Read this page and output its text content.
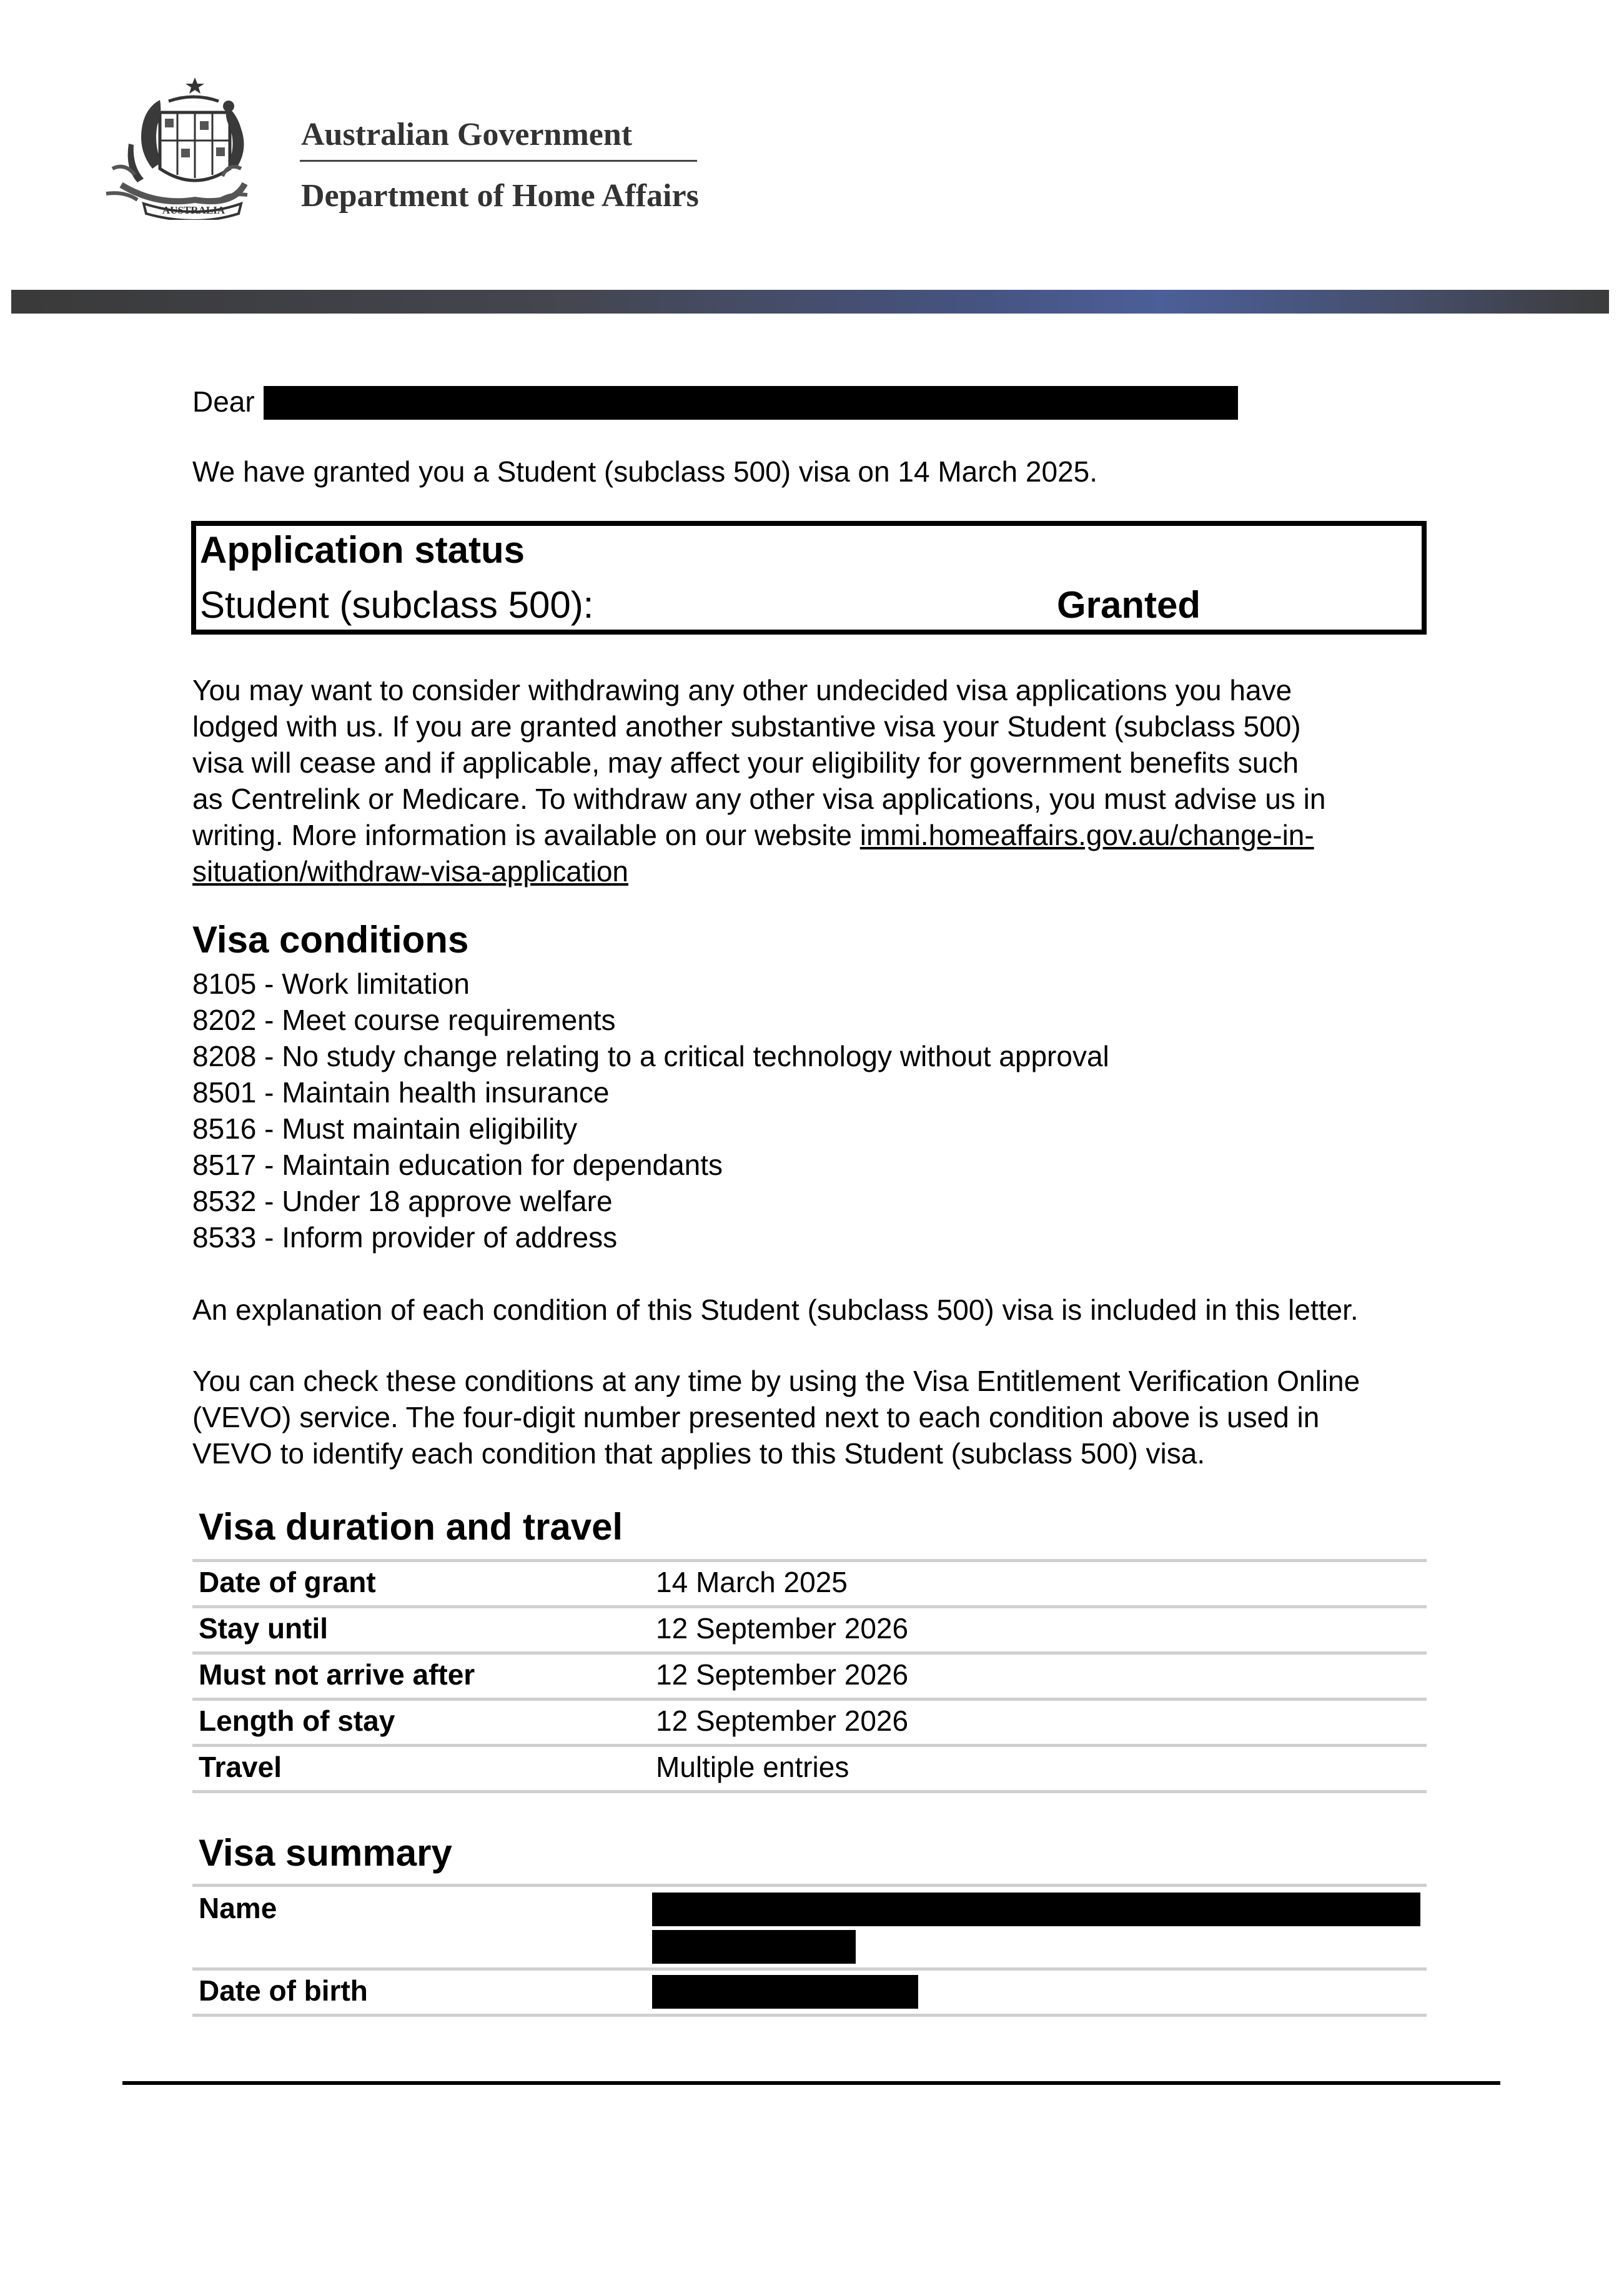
AUSTRALIA
Australian Government
Department of Home Affairs
Dear
We have granted you a Student (subclass 500) visa on 14 March 2025.
Application status
Student (subclass 500):	Granted
You may want to consider withdrawing any other undecided visa applications you have
lodged with us. If you are granted another substantive visa your Student (subclass 500)
visa will cease and if applicable, may affect your eligibility for government benefits such
as Centrelink or Medicare. To withdraw any other visa applications, you must advise us in
writing. More information is available on our website immi.homeaffairs.gov.au/change-in-
situation/withdraw-visa-application
Visa conditions
8105 - Work limitation
8202 - Meet course requirements
8208 - No study change relating to a critical technology without approval
8501 - Maintain health insurance
8516 - Must maintain eligibility
8517 - Maintain education for dependants
8532 - Under 18 approve welfare
8533 - Inform provider of address
An explanation of each condition of this Student (subclass 500) visa is included in this letter.
You can check these conditions at any time by using the Visa Entitlement Verification Online
(VEVO) service. The four-digit number presented next to each condition above is used in
VEVO to identify each condition that applies to this Student (subclass 500) visa.
Visa duration and travel
Date of grant	14 March 2025
Stay until	12 September 2026
Must not arrive after	12 September 2026
Length of stay	12 September 2026
Travel	Multiple entries
Visa summary
Name
Date of birth
